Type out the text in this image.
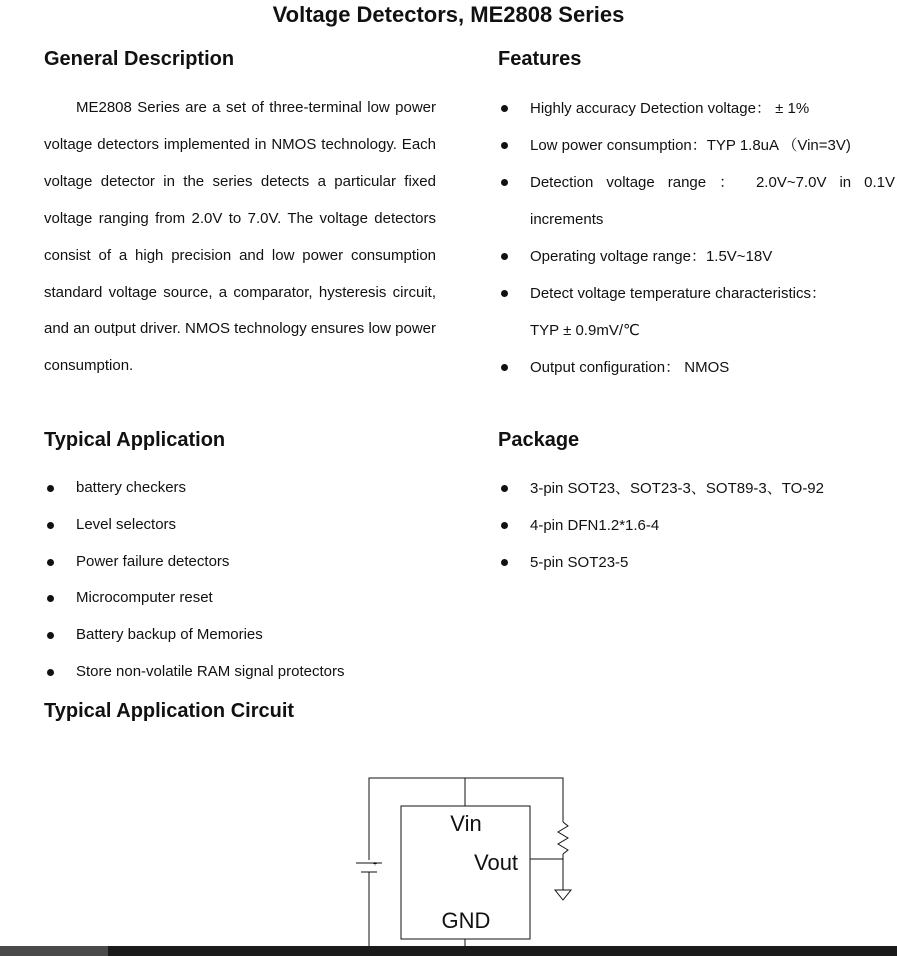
Voltage Detectors, ME2808 Series
General Description

ME2808 Series are a set of three-terminal low power voltage detectors implemented in NMOS technology. Each voltage detector in the series detects a particular fixed voltage ranging from 2.0V to 7.0V. The voltage detectors consist of a high precision and low power consumption standard voltage source, a comparator, hysteresis circuit, and an output driver. NMOS technology ensures low power consumption.

Features
Highly accuracy Detection voltage： ± 1%
Low power consumption：TYP 1.8uA （Vin=3V)
Detection voltage range ： 2.0V~7.0V in 0.1V increments
Operating voltage range：1.5V~18V
Detect voltage temperature characteristics：
TYP ± 0.9mV/℃
Output configuration： NMOS
Typical Application
battery checkers
Level selectors
Power failure detectors
Microcomputer reset
Battery backup of Memories
Store non-volatile RAM signal protectors
Package
3-pin SOT23、SOT23-3、SOT89-3、TO-92
4-pin DFN1.2*1.6-4
5-pin SOT23-5
Typical Application Circuit
+
Vin
Vout
GND
